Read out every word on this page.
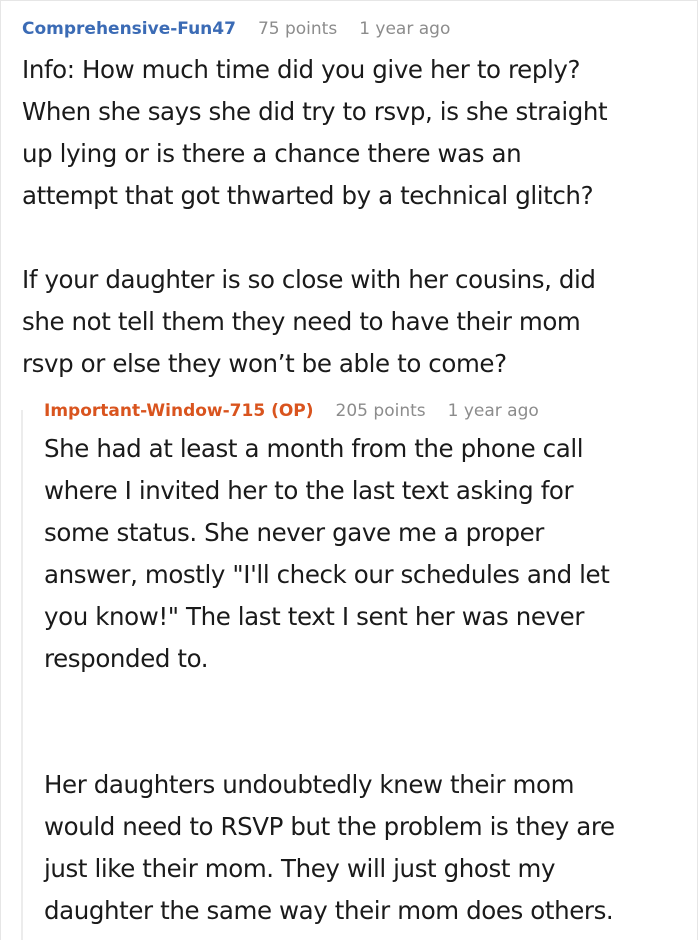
Comprehensive-Fun47 75 points 1 year ago
Info: How much time did you give her to reply?
When she says she did try to rsvp, is she straight
up lying or is there a chance there was an
attempt that got thwarted by a technical glitch?
If your daughter is so close with her cousins, did
she not tell them they need to have their mom
rsvp or else they won’t be able to come?
Important-Window-715 (OP) 205 points 1 year ago
She had at least a month from the phone call
where I invited her to the last text asking for
some status. She never gave me a proper
answer, mostly "I'll check our schedules and let
you know!" The last text I sent her was never
responded to.
Her daughters undoubtedly knew their mom
would need to RSVP but the problem is they are
just like their mom. They will just ghost my
daughter the same way their mom does others.
